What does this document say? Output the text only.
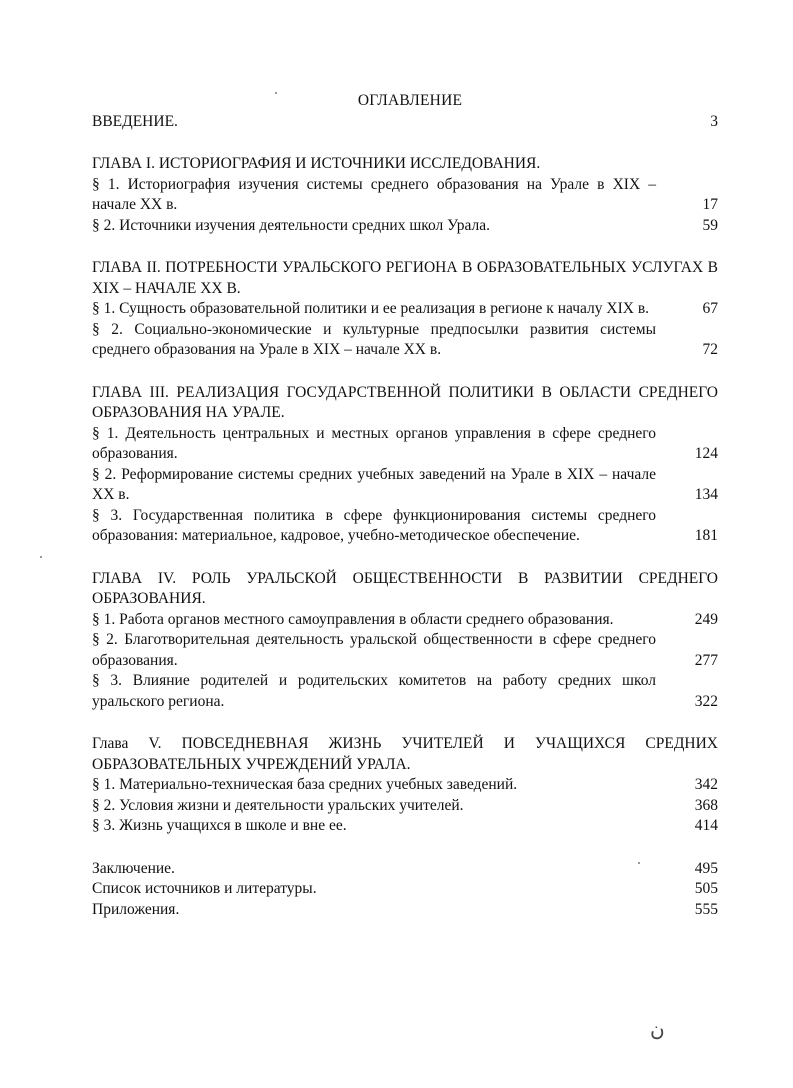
ОГЛАВЛЕНИЕ
ВВЕДЕНИЕ.	3
ГЛАВА I. ИСТОРИОГРАФИЯ И ИСТОЧНИКИ ИССЛЕДОВАНИЯ.
§ 1. Историография изучения системы среднего образования на Урале в XIX – начале XX в.	17
§ 2. Источники изучения деятельности средних школ Урала.	59
ГЛАВА II. ПОТРЕБНОСТИ УРАЛЬСКОГО РЕГИОНА В ОБРАЗОВАТЕЛЬНЫХ УСЛУГАХ В XIX – НАЧАЛЕ XX В.
§ 1. Сущность образовательной политики и ее реализация в регионе к началу XIX в.	67
§ 2. Социально-экономические и культурные предпосылки развития системы среднего образования на Урале в XIX – начале XX в.	72
ГЛАВА III. РЕАЛИЗАЦИЯ ГОСУДАРСТВЕННОЙ ПОЛИТИКИ В ОБЛАСТИ СРЕДНЕГО ОБРАЗОВАНИЯ НА УРАЛЕ.
§ 1. Деятельность центральных и местных органов управления в сфере среднего образования.	124
§ 2. Реформирование системы средних учебных заведений на Урале в XIX – начале XX в.	134
§ 3. Государственная политика в сфере функционирования системы среднего образования: материальное, кадровое, учебно-методическое обеспечение.	181
ГЛАВА IV. РОЛЬ УРАЛЬСКОЙ ОБЩЕСТВЕННОСТИ В РАЗВИТИИ СРЕДНЕГО ОБРАЗОВАНИЯ.
§ 1. Работа органов местного самоуправления в области среднего образования.	249
§ 2. Благотворительная деятельность уральской общественности в сфере среднего образования.	277
§ 3. Влияние родителей и родительских комитетов на работу средних школ уральского региона.	322
Глава V. ПОВСЕДНЕВНАЯ ЖИЗНЬ УЧИТЕЛЕЙ И УЧАЩИХСЯ СРЕДНИХ ОБРАЗОВАТЕЛЬНЫХ УЧРЕЖДЕНИЙ УРАЛА.
§ 1. Материально-техническая база средних учебных заведений.	342
§ 2. Условия жизни и деятельности уральских учителей.	368
§ 3. Жизнь учащихся в школе и вне ее.	414
Заключение.	495
Список источников и литературы.	505
Приложения.	555
ن
